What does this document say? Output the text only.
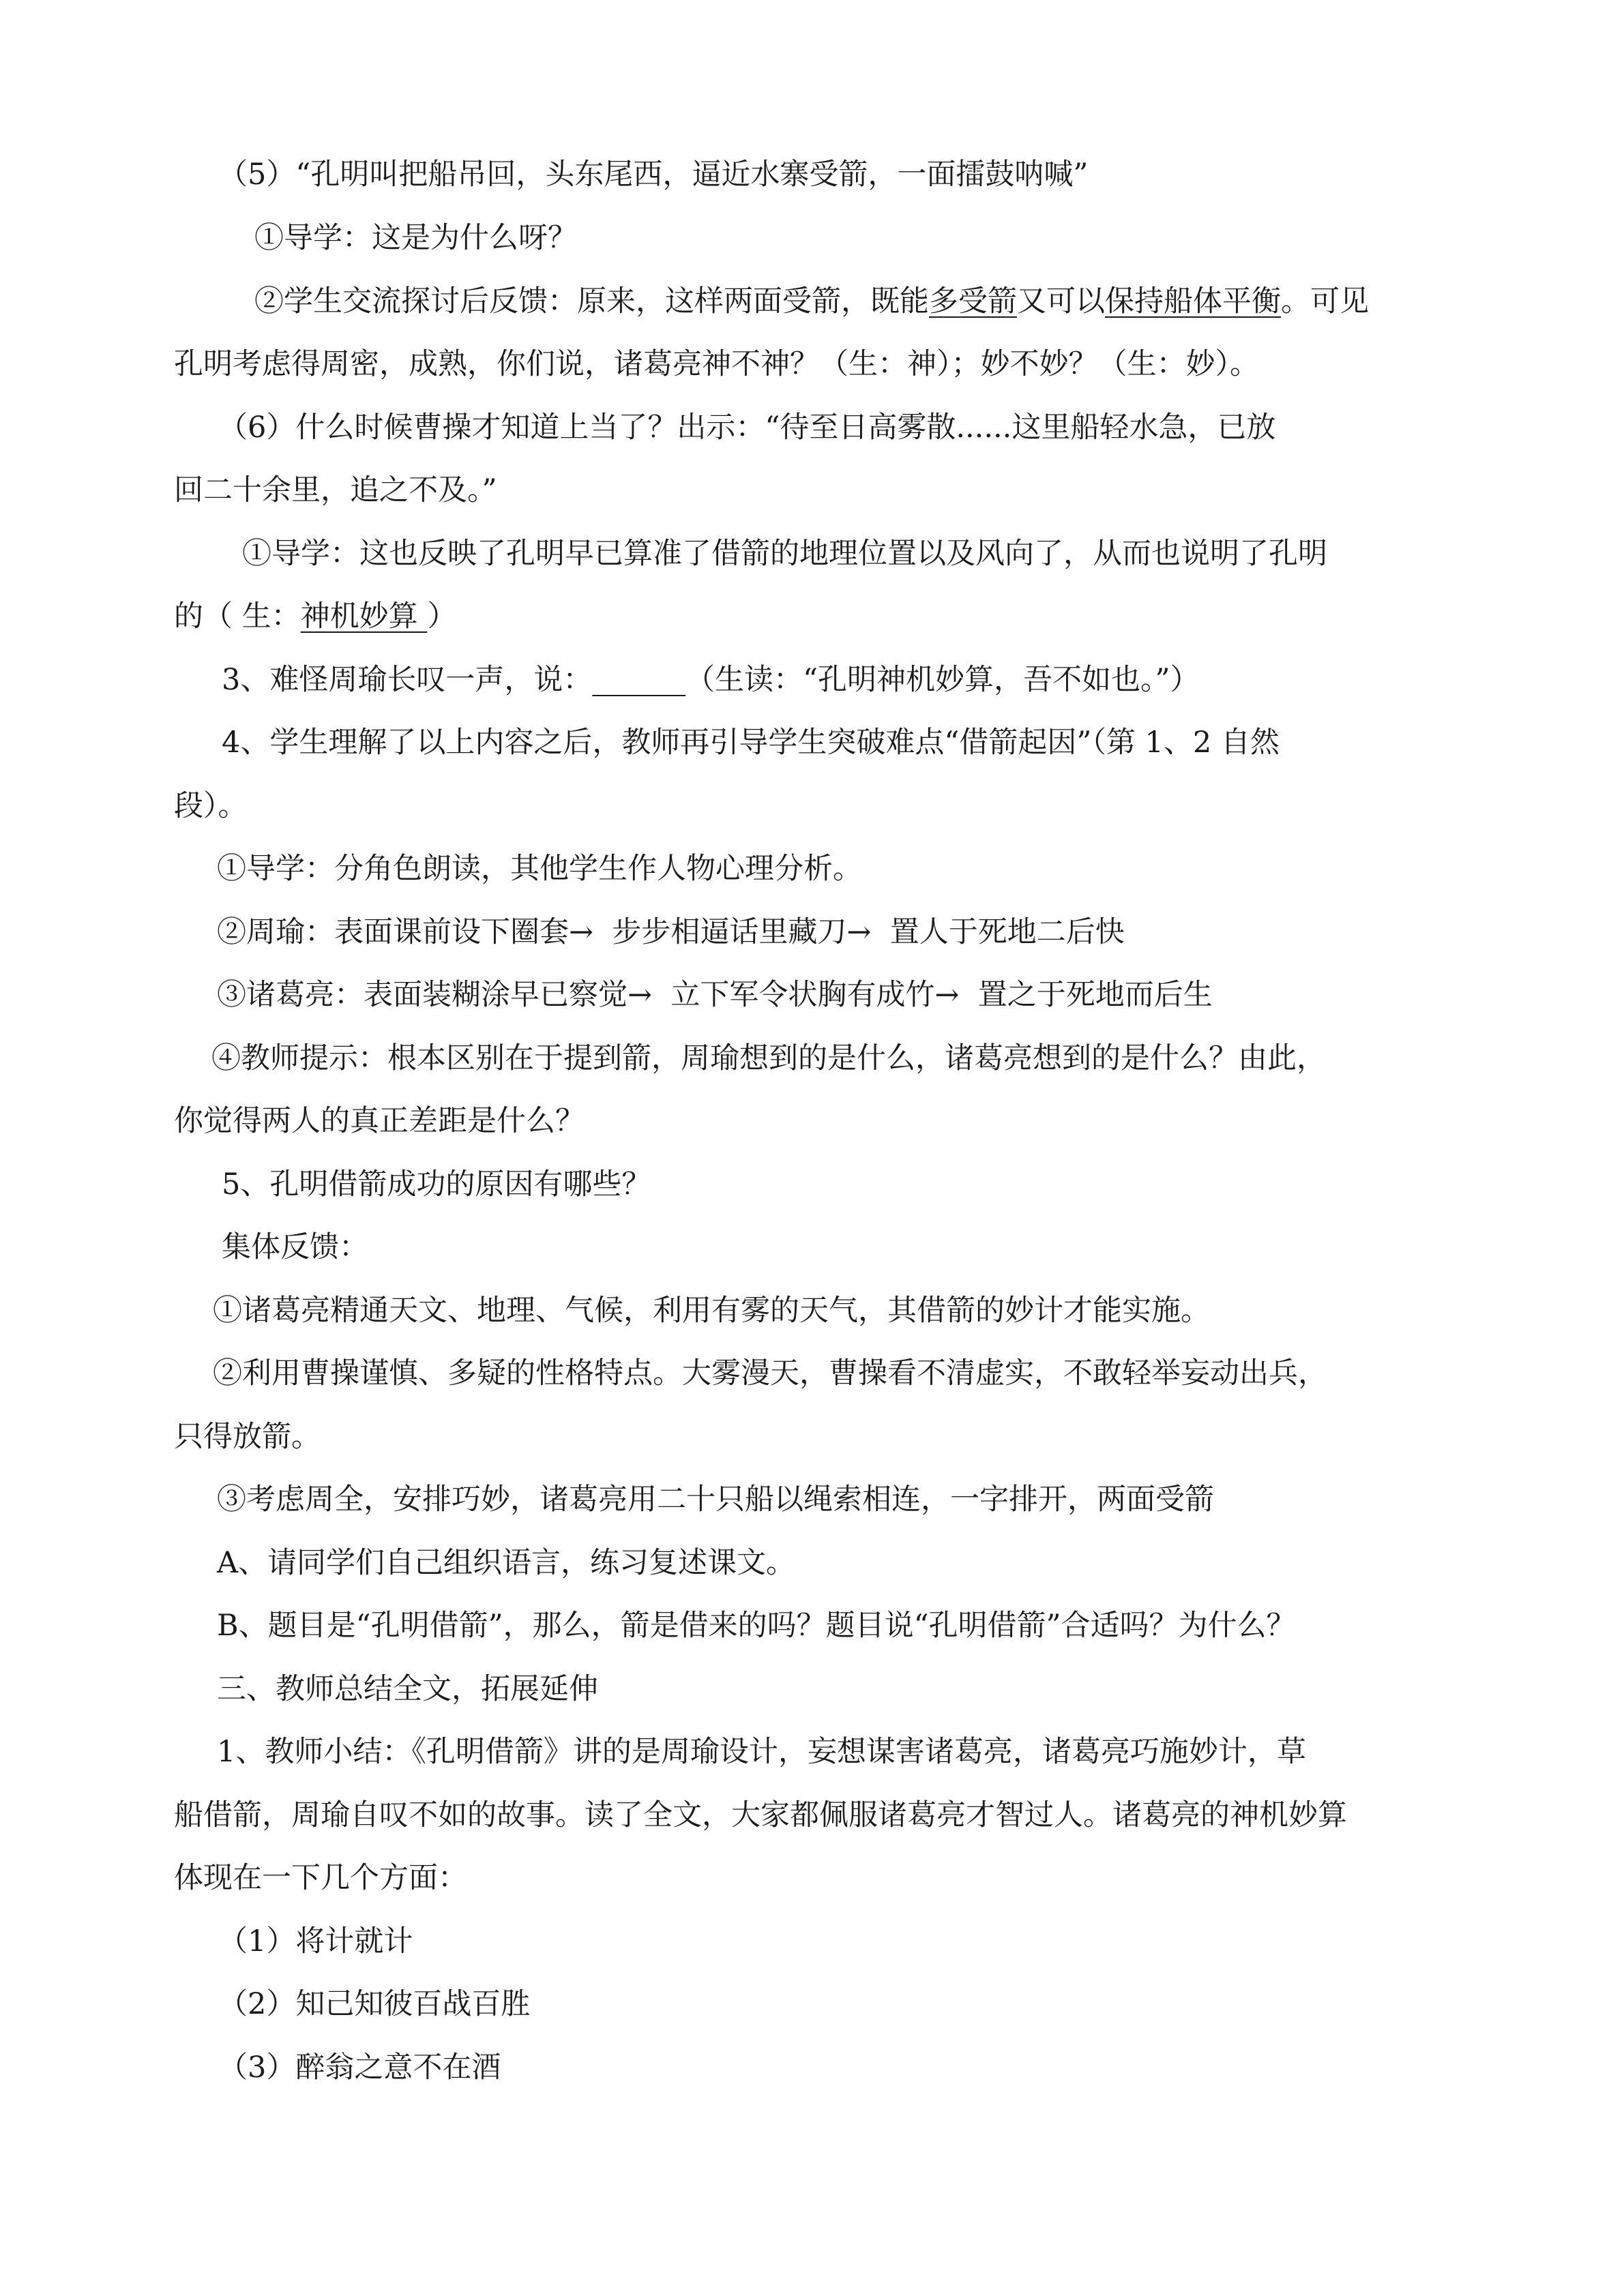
（5）“孔明叫把船吊回，头东尾西，逼近水寨受箭，一面擂鼓呐喊”
①导学：这是为什么呀？
②学生交流探讨后反馈：原来，这样两面受箭，既能多受箭又可以保持船体平衡。可见
孔明考虑得周密，成熟，你们说，诸葛亮神不神？（生：神）；妙不妙？（生：妙）。
（6）什么时候曹操才知道上当了？出示：“待至日高雾散......这里船轻水急，已放
回二十余里，追之不及。”
①导学：这也反映了孔明早已算准了借箭的地理位置以及风向了，从而也说明了孔明
的（ 生：神机妙算 ）
3、难怪周瑜长叹一声，说：	（生读：“孔明神机妙算，吾不如也。”）
4、学生理解了以上内容之后，教师再引导学生突破难点“借箭起因”（第 1、2 自然
段）。
①导学：分角色朗读，其他学生作人物心理分析。
②周瑜：表面课前设下圈套→  步步相逼话里藏刀→  置人于死地二后快
③诸葛亮：表面装糊涂早已察觉→  立下军令状胸有成竹→  置之于死地而后生
④教师提示：根本区别在于提到箭，周瑜想到的是什么，诸葛亮想到的是什么？由此，
你觉得两人的真正差距是什么？
5、孔明借箭成功的原因有哪些？
集体反馈：
①诸葛亮精通天文、地理、气候，利用有雾的天气，其借箭的妙计才能实施。
②利用曹操谨慎、多疑的性格特点。大雾漫天，曹操看不清虚实，不敢轻举妄动出兵，
只得放箭。
③考虑周全，安排巧妙，诸葛亮用二十只船以绳索相连，一字排开，两面受箭
A、请同学们自己组织语言，练习复述课文。
B、题目是“孔明借箭”，那么，箭是借来的吗？题目说“孔明借箭”合适吗？为什么？
三、教师总结全文，拓展延伸
1、教师小结：《孔明借箭》讲的是周瑜设计，妄想谋害诸葛亮，诸葛亮巧施妙计，草
船借箭，周瑜自叹不如的故事。读了全文，大家都佩服诸葛亮才智过人。诸葛亮的神机妙算
体现在一下几个方面：
（1）将计就计
（2）知己知彼百战百胜
（3）醉翁之意不在酒
